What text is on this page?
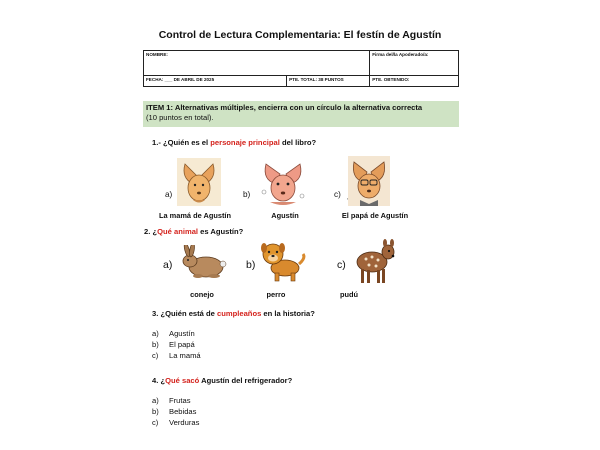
Control de Lectura Complementaria: El festín de Agustín
NOMBRE:		Firma del/la Apoderado/a:
FECHA: ___ DE ABRIL DE 2025	PTE. TOTAL: 38 PUNTOS	PTE. OBTENIDO:
ITEM 1: Alternativas múltiples, encierra con un círculo la alternativa correcta
(10 puntos en total).
1.- ¿Quién es el personaje principal del libro?
a)
La mamá de Agustín
b)
Agustín
c) ,
El papá de Agustín
2. ¿Qué animal es Agustín?
a)
conejo
b)
perro
c)
pudú
3. ¿Quién está de cumpleaños en la historia?
a) Agustín
b) El papá
c) La mamá
4. ¿Qué sacó Agustín del refrigerador?
a) Frutas
b) Bebidas
c) Verduras
